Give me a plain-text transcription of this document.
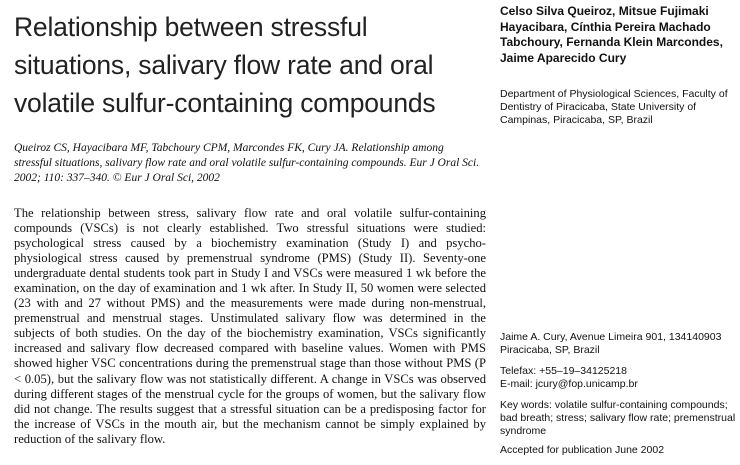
Relationship between stressful situations, salivary flow rate and oral volatile sulfur-containing compounds
Celso Silva Queiroz, Mitsue Fujimaki Hayacibara, Cínthia Pereira Machado Tabchoury, Fernanda Klein Marcondes, Jaime Aparecido Cury
Department of Physiological Sciences, Faculty of Dentistry of Piracicaba, State University of Campinas, Piracicaba, SP, Brazil
Queiroz CS, Hayacibara MF, Tabchoury CPM, Marcondes FK, Cury JA. Relationship among stressful situations, salivary flow rate and oral volatile sulfur-containing compounds. Eur J Oral Sci. 2002; 110: 337–340. © Eur J Oral Sci, 2002
The relationship between stress, salivary flow rate and oral volatile sulfur-containing compounds (VSCs) is not clearly established. Two stressful situations were studied: psychological stress caused by a biochemistry examination (Study I) and psycho-physiological stress caused by premenstrual syndrome (PMS) (Study II). Seventy-one undergraduate dental students took part in Study I and VSCs were measured 1 wk before the examination, on the day of examination and 1 wk after. In Study II, 50 women were selected (23 with and 27 without PMS) and the measurements were made during non-menstrual, premenstrual and menstrual stages. Unstimulated salivary flow was determined in the subjects of both studies. On the day of the biochemistry examination, VSCs significantly increased and salivary flow decreased compared with baseline values. Women with PMS showed higher VSC concentrations during the premenstrual stage than those without PMS (P < 0.05), but the salivary flow was not statistically different. A change in VSCs was observed during different stages of the menstrual cycle for the groups of women, but the salivary flow did not change. The results suggest that a stressful situation can be a predisposing factor for the increase of VSCs in the mouth air, but the mechanism cannot be simply explained by reduction of the salivary flow.

Jaime A. Cury, Avenue Limeira 901, 134140903 Piracicaba, SP, Brazil

Telefax: +55–19–34125218

E-mail: jcury@fop.unicamp.br

Key words: volatile sulfur-containing compounds; bad breath; stress; salivary flow rate; premenstrual syndrome
Accepted for publication June 2002
